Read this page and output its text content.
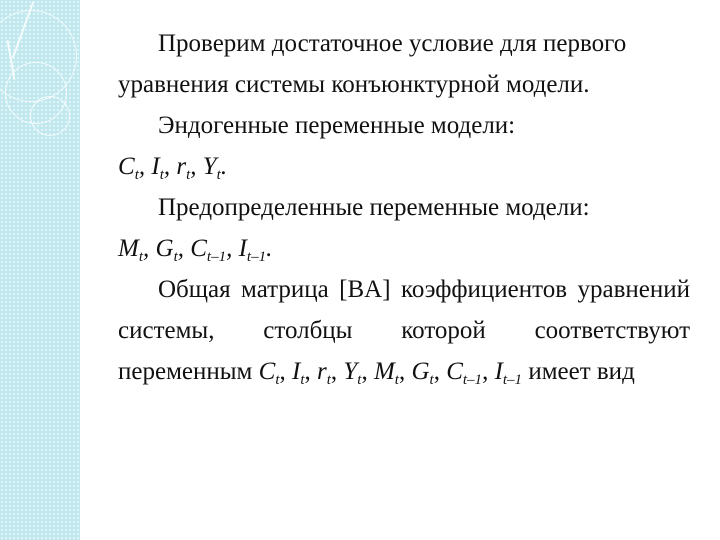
Проверим достаточное условие для первого уравнения системы конъюнктурной модели.

Эндогенные переменные модели:

$C_t$, $I_t$, $r_t$, $Y_t$.

Предопределенные переменные модели:

$M_t$, $G_t$, $C_{t-1}$, $I_{t-1}$.

Общая матрица [BA] коэффициентов уравнений системы, столбцы которой соответствуют переменным $C_t$, $I_t$, $r_t$, $Y_t$, $M_t$, $G_t$, $C_{t-1}$, $I_{t-1}$ имеет вид
